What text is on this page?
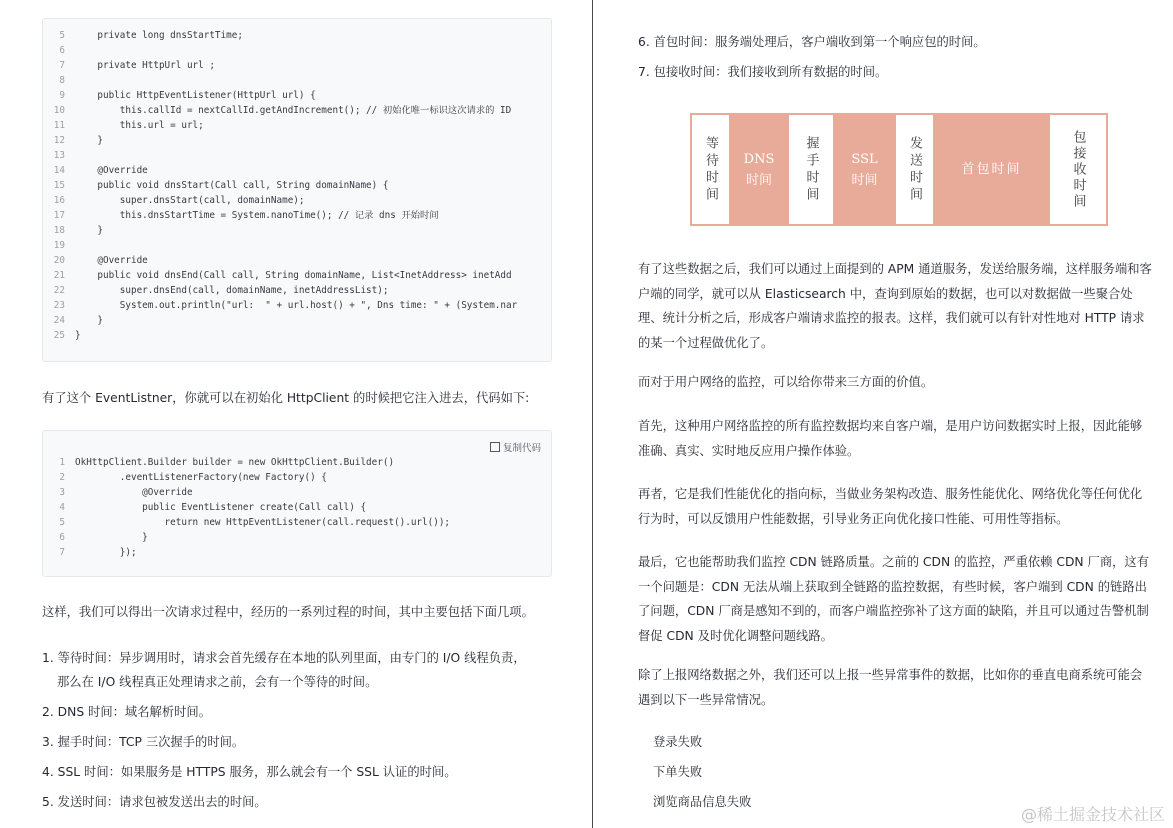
5    private long dnsStartTime;
6
7    private HttpUrl url ;
8
9    public HttpEventListener(HttpUrl url) {
10        this.callId = nextCallId.getAndIncrement(); // 初始化唯一标识这次请求的 ID
11        this.url = url;
12    }
13
14    @Override
15    public void dnsStart(Call call, String domainName) {
16        super.dnsStart(call, domainName);
17        this.dnsStartTime = System.nanoTime(); // 记录 dns 开始时间
18    }
19
20    @Override
21    public void dnsEnd(Call call, String domainName, List<InetAddress> inetAdd
22        super.dnsEnd(call, domainName, inetAddressList);
23        System.out.println("url:  " + url.host() + ", Dns time: " + (System.nar
24    }
25 }
有了这个 EventListner，你就可以在初始化 HttpClient 的时候把它注入进去，代码如下:
复制代码
1 OkHttpClient.Builder builder = new OkHttpClient.Builder()
2        .eventListenerFactory(new Factory() {
3            @Override
4            public EventListener create(Call call) {
5                return new HttpEventListener(call.request().url());
6            }
7        });
这样，我们可以得出一次请求过程中，经历的一系列过程的时间，其中主要包括下面几项。
1. 等待时间：异步调用时，请求会首先缓存在本地的队列里面，由专门的 I/O 线程负责，
那么在 I/O 线程真正处理请求之前，会有一个等待的时间。
2. DNS 时间：域名解析时间。
3. 握手时间：TCP 三次握手的时间。
4. SSL 时间：如果服务是 HTTPS 服务，那么就会有一个 SSL 认证的时间。
5. 发送时间：请求包被发送出去的时间。
6. 首包时间：服务端处理后，客户端收到第一个响应包的时间。
7. 包接收时间：我们接收到所有数据的时间。
等待时间 DNS 时间	握手时间	SSL 时间	发送时间	首包时间	包接收时间
有了这些数据之后，我们可以通过上面提到的 APM 通道服务，发送给服务端，这样服务端和客户端的同学，就可以从 Elasticsearch 中，查询到原始的数据，也可以对数据做一些聚合处理、统计分析之后，形成客户端请求监控的报表。这样，我们就可以有针对性地对 HTTP 请求的某一个过程做优化了。
而对于用户网络的监控，可以给你带来三方面的价值。
首先，这种用户网络监控的所有监控数据均来自客户端，是用户访问数据实时上报，因此能够准确、真实、实时地反应用户操作体验。
再者，它是我们性能优化的指向标，当做业务架构改造、服务性能优化、网络优化等任何优化行为时，可以反馈用户性能数据，引导业务正向优化接口性能、可用性等指标。
最后，它也能帮助我们监控 CDN 链路质量。之前的 CDN 的监控，严重依赖 CDN 厂商，这有一个问题是：CDN 无法从端上获取到全链路的监控数据，有些时候，客户端到 CDN 的链路出了问题，CDN 厂商是感知不到的，而客户端监控弥补了这方面的缺陷，并且可以通过告警机制督促 CDN 及时优化调整问题线路。
除了上报网络数据之外，我们还可以上报一些异常事件的数据，比如你的垂直电商系统可能会遇到以下一些异常情况。
登录失败
下单失败
浏览商品信息失败
@稀土掘金技术社区
